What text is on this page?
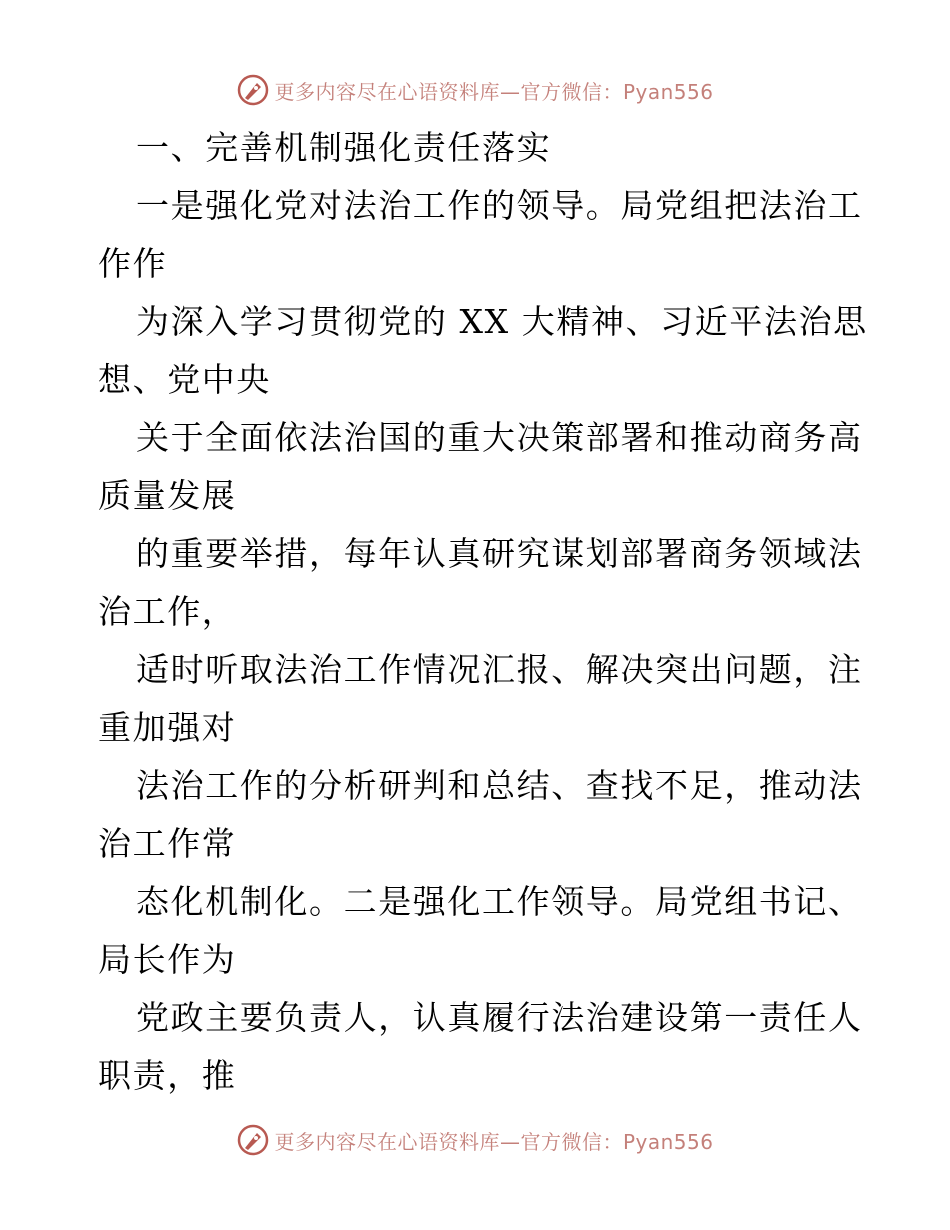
更多内容尽在心语资料库—官方微信：Pyan556
一、完善机制强化责任落实
一是强化党对法治工作的领导。局党组把法治工
作作
为深入学习贯彻党的 XX 大精神、习近平法治思
想、党中央
关于全面依法治国的重大决策部署和推动商务高
质量发展
的重要举措，每年认真研究谋划部署商务领域法
治工作，
适时听取法治工作情况汇报、解决突出问题，注
重加强对
法治工作的分析研判和总结、查找不足，推动法
治工作常
态化机制化。二是强化工作领导。局党组书记、
局长作为
党政主要负责人，认真履行法治建设第一责任人
职责，推
更多内容尽在心语资料库—官方微信：Pyan556
